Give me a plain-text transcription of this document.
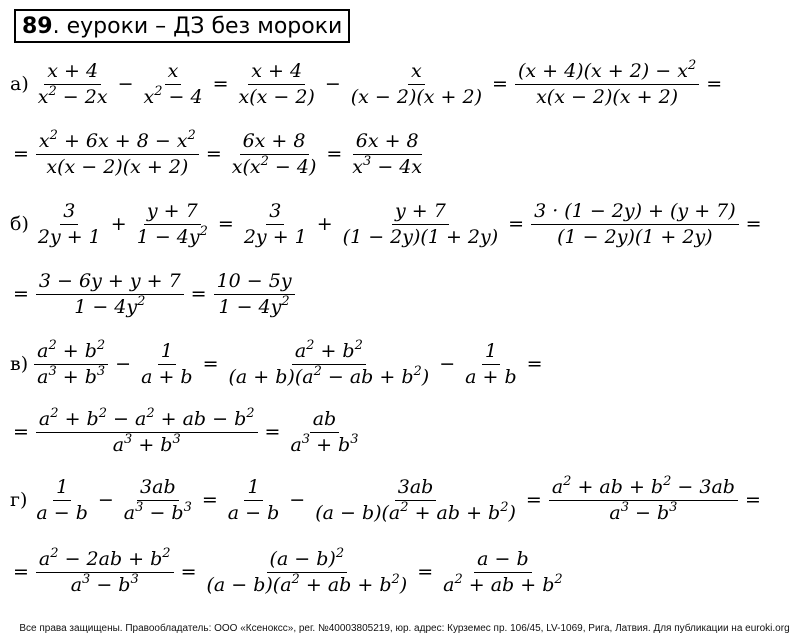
89 . еуроки – ДЗ без мороки
а)
x + 4
$x^2 - 2x$
− $\frac{x}{x^2 - 4} = \frac{x + 4}{x(x - 2)} - \frac{x}{(x - 2)(x + 2)} = \frac{(x + 4)(x + 2) - x^2}{x(x - 2)(x + 2)}$ =
= $\frac{x^2 + 6x + 8 - x^2}{x(x - 2)(x + 2)} = \frac{6x + 8}{x(x^2 - 4)} = \frac{6x + 8}{x^3 - 4x}$
б)
3
2y + 1
+ $\frac{y + 7}{1 - 4y^2} = \frac{3}{2y + 1} + \frac{y + 7}{(1 - 2y)(1 + 2y)} = \frac{3 \cdot (1 - 2y) + (y + 7)}{(1 - 2y)(1 + 2y)}$ =
= $\frac{3 - 6y + y + 7}{1 - 4y^2} = \frac{10 - 5y}{1 - 4y^2}$
в)
$a^2 + b^2$
$a^3 + b^3 - \frac{1}{a + b} = \frac{a^2 + b^2}{(a + b)(a^2 - ab + b^2)} - \frac{1}{a + b}$ =
= $\frac{a^2 + b^2 - a^2 + ab - b^2}{a^3 + b^3} = \frac{ab}{a^3 + b^3}$
г)
1
a − b
− $\frac{3ab}{a^3 - b^3} = \frac{1}{a - b} - \frac{3ab}{(a - b)(a^2 + ab + b^2)} = \frac{a^2 + ab + b^2 - 3ab}{a^3 - b^3}$ =
= $\frac{a^2 - 2ab + b^2}{a^3 - b^3} = \frac{(a - b)^2}{(a - b)(a^2 + ab + b^2)} = \frac{a - b}{a^2 + ab + b^2}$
Все права защищены. Правообладатель: ООО «Ксеноксс», рег. №40003805219, юр. адрес: Курземес пр. 106/45, LV-1069, Рига, Латвия. Для публикации на euroki.org
